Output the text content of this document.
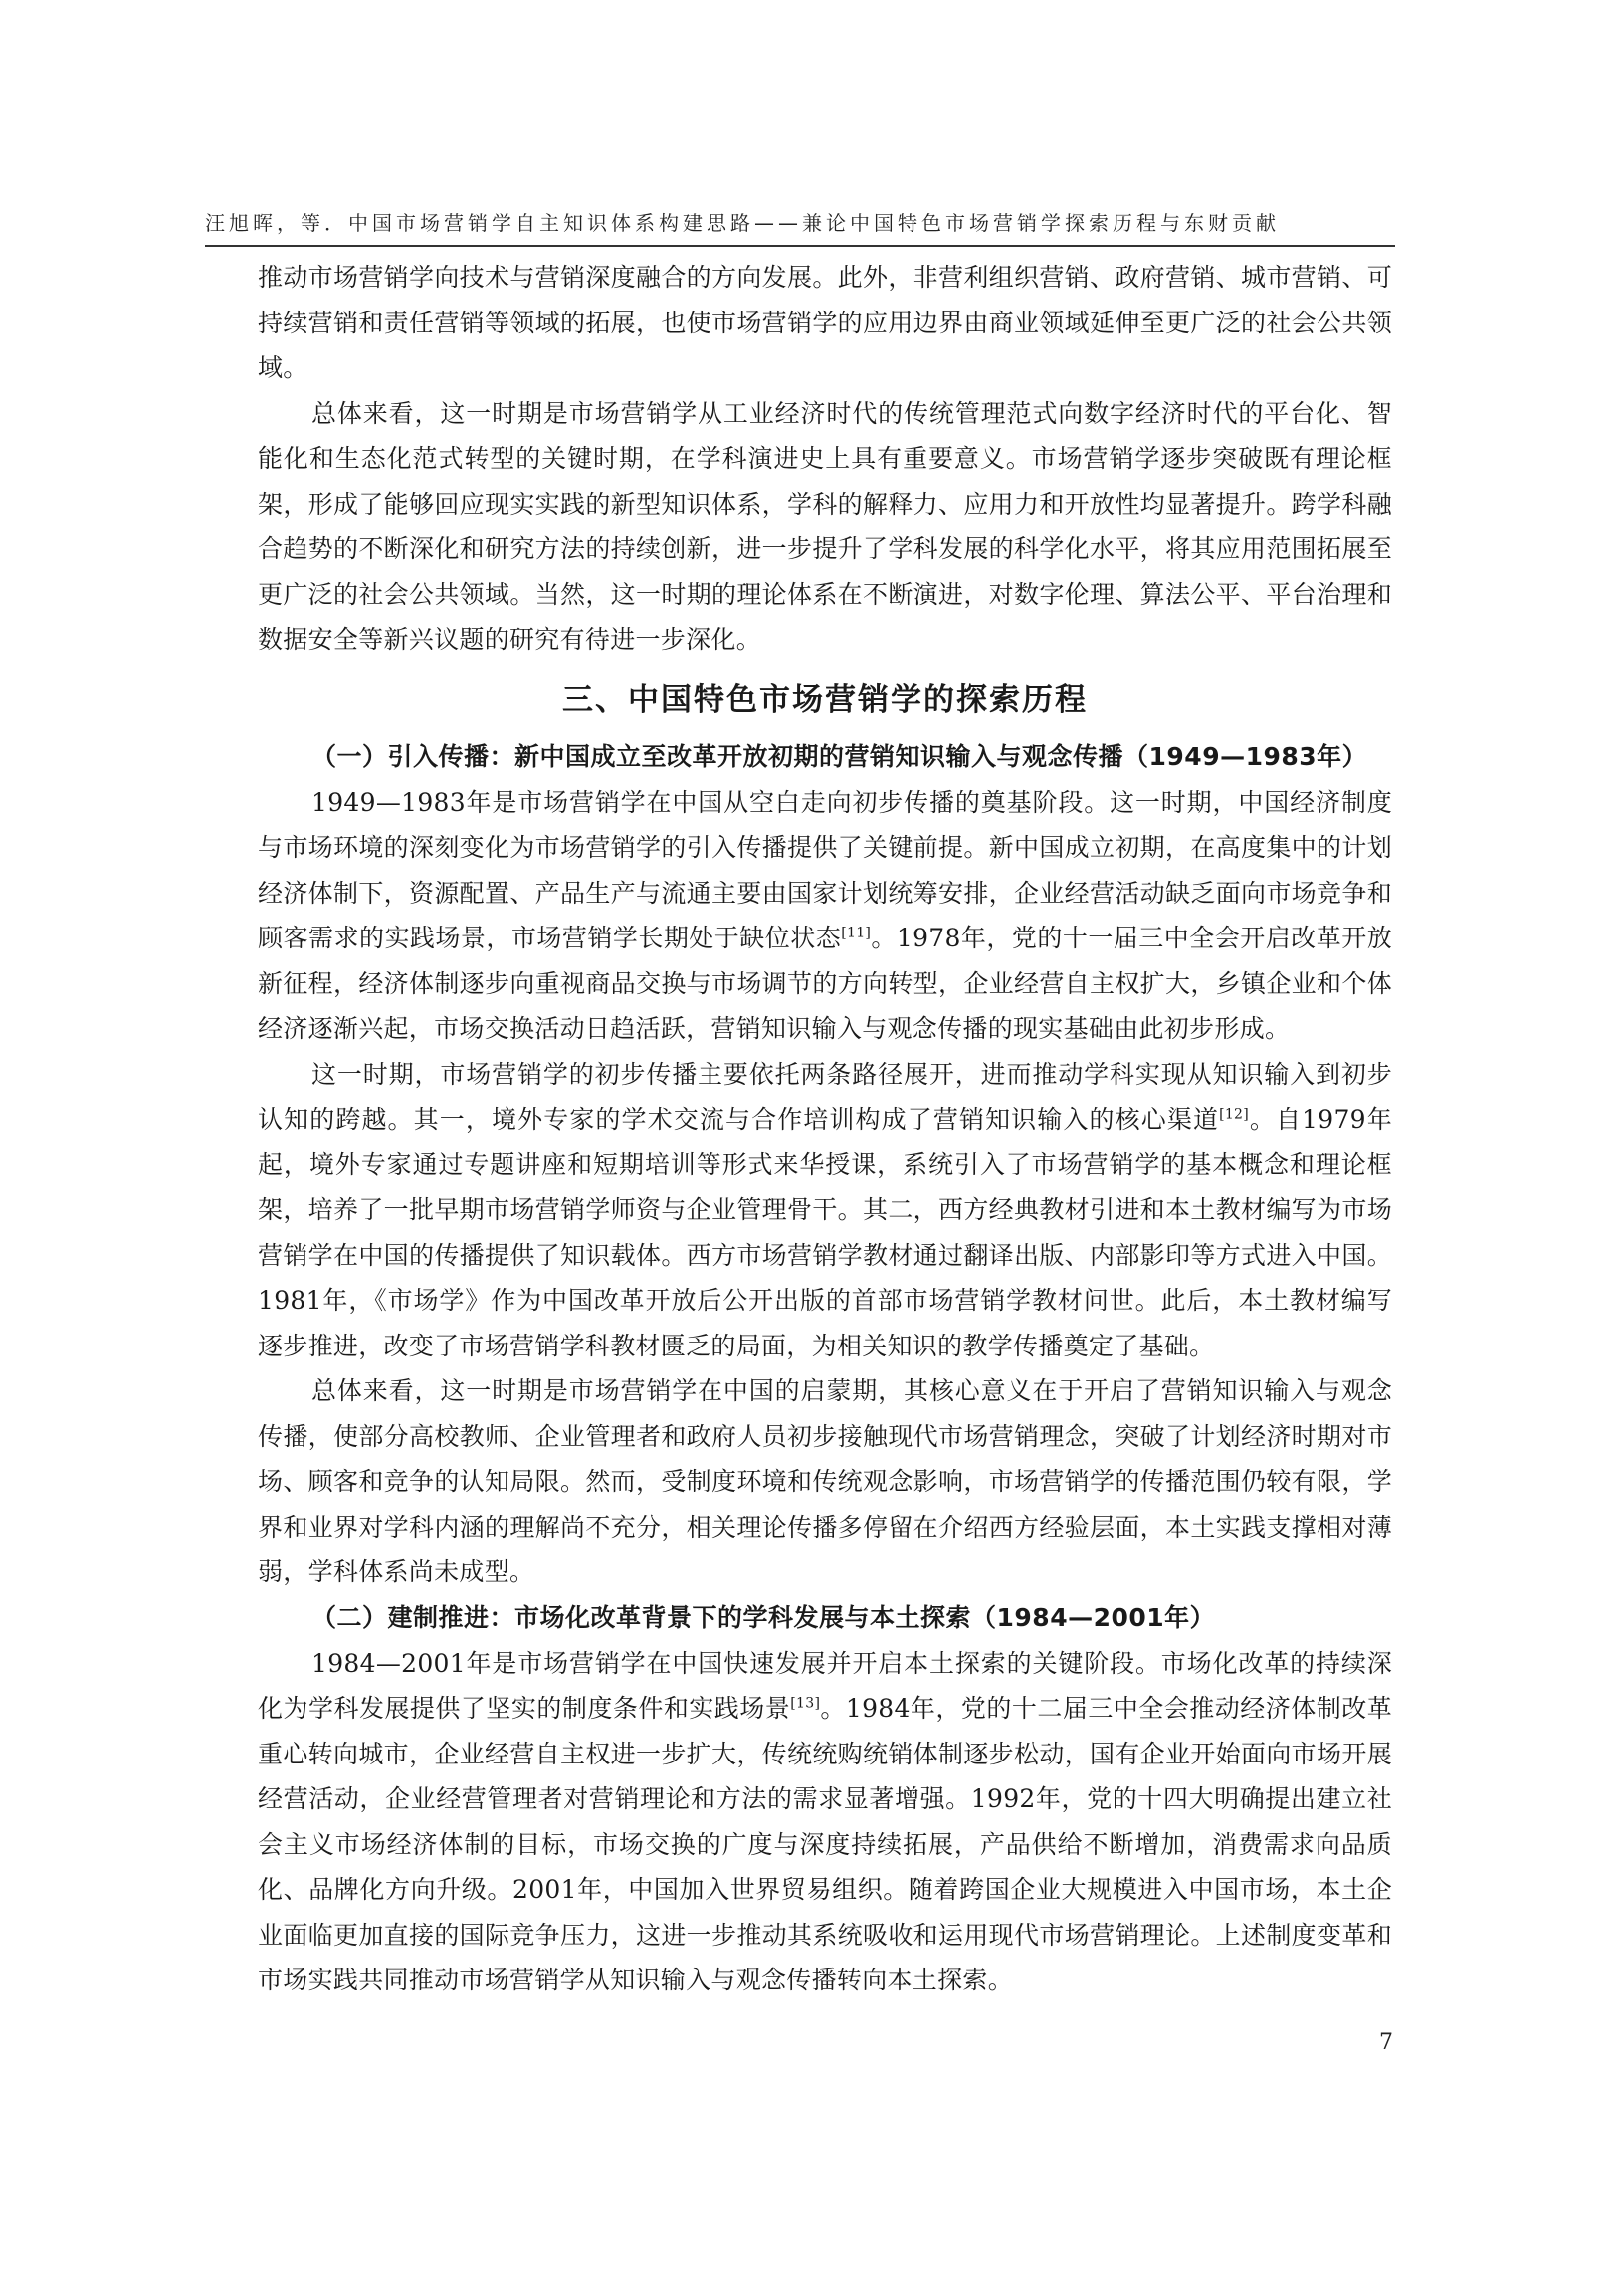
汪旭晖，等．中国市场营销学自主知识体系构建思路——兼论中国特色市场营销学探索历程与东财贡献

推动市场营销学向技术与营销深度融合的方向发展。此外，非营利组织营销、政府营销、城市营销、可持续营销和责任营销等领域的拓展，也使市场营销学的应用边界由商业领域延伸至更广泛的社会公共领域。

总体来看，这一时期是市场营销学从工业经济时代的传统管理范式向数字经济时代的平台化、智能化和生态化范式转型的关键时期，在学科演进史上具有重要意义。市场营销学逐步突破既有理论框架，形成了能够回应现实实践的新型知识体系，学科的解释力、应用力和开放性均显著提升。跨学科融合趋势的不断深化和研究方法的持续创新，进一步提升了学科发展的科学化水平，将其应用范围拓展至更广泛的社会公共领域。当然，这一时期的理论体系在不断演进，对数字伦理、算法公平、平台治理和数据安全等新兴议题的研究有待进一步深化。

三、中国特色市场营销学的探索历程
（一）引入传播：新中国成立至改革开放初期的营销知识输入与观念传播（1949—1983年）

1949—1983年是市场营销学在中国从空白走向初步传播的奠基阶段。这一时期，中国经济制度与市场环境的深刻变化为市场营销学的引入传播提供了关键前提。新中国成立初期，在高度集中的计划经济体制下，资源配置、产品生产与流通主要由国家计划统筹安排，企业经营活动缺乏面向市场竞争和顾客需求的实践场景，市场营销学长期处于缺位状态[11]。1978年，党的十一届三中全会开启改革开放新征程，经济体制逐步向重视商品交换与市场调节的方向转型，企业经营自主权扩大，乡镇企业和个体经济逐渐兴起，市场交换活动日趋活跃，营销知识输入与观念传播的现实基础由此初步形成。

这一时期，市场营销学的初步传播主要依托两条路径展开，进而推动学科实现从知识输入到初步认知的跨越。其一，境外专家的学术交流与合作培训构成了营销知识输入的核心渠道[12]。自1979年起，境外专家通过专题讲座和短期培训等形式来华授课，系统引入了市场营销学的基本概念和理论框架，培养了一批早期市场营销学师资与企业管理骨干。其二，西方经典教材引进和本土教材编写为市场营销学在中国的传播提供了知识载体。西方市场营销学教材通过翻译出版、内部影印等方式进入中国。1981年，《市场学》作为中国改革开放后公开出版的首部市场营销学教材问世。此后，本土教材编写逐步推进，改变了市场营销学科教材匮乏的局面，为相关知识的教学传播奠定了基础。

总体来看，这一时期是市场营销学在中国的启蒙期，其核心意义在于开启了营销知识输入与观念传播，使部分高校教师、企业管理者和政府人员初步接触现代市场营销理念，突破了计划经济时期对市场、顾客和竞争的认知局限。然而，受制度环境和传统观念影响，市场营销学的传播范围仍较有限，学界和业界对学科内涵的理解尚不充分，相关理论传播多停留在介绍西方经验层面，本土实践支撑相对薄弱，学科体系尚未成型。

（二）建制推进：市场化改革背景下的学科发展与本土探索（1984—2001年）

1984—2001年是市场营销学在中国快速发展并开启本土探索的关键阶段。市场化改革的持续深化为学科发展提供了坚实的制度条件和实践场景[13]。1984年，党的十二届三中全会推动经济体制改革重心转向城市，企业经营自主权进一步扩大，传统统购统销体制逐步松动，国有企业开始面向市场开展经营活动，企业经营管理者对营销理论和方法的需求显著增强。1992年，党的十四大明确提出建立社会主义市场经济体制的目标，市场交换的广度与深度持续拓展，产品供给不断增加，消费需求向品质化、品牌化方向升级。2001年，中国加入世界贸易组织。随着跨国企业大规模进入中国市场，本土企业面临更加直接的国际竞争压力，这进一步推动其系统吸收和运用现代市场营销理论。上述制度变革和市场实践共同推动市场营销学从知识输入与观念传播转向本土探索。

7
